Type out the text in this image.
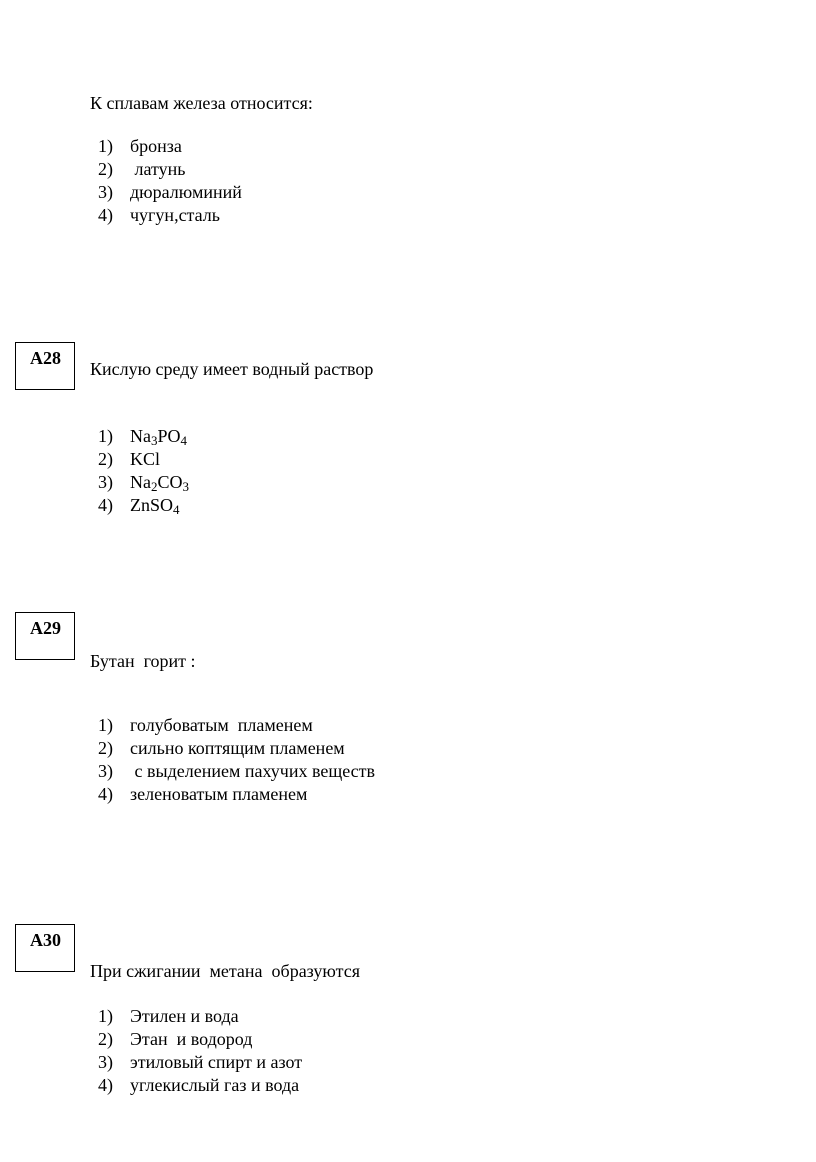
К сплавам железа относится:
1) бронза
2) латунь
3) дюралюминий
4) чугун,сталь
А28
Кислую среду имеет водный раствор
1) $Na_3PO_4$
2) KCl
3) $Na_2CO_3$
4) ZnSO$_4$
А29
Бутан  горит :
1) голубоватым  пламенем
2) сильно коптящим пламенем
3) с выделением пахучих веществ
4) зеленоватым пламенем
А30
При сжигании  метана  образуются
1) Этилен и вода
2) Этан  и водород
3) этиловый спирт и азот
4) углекислый газ и вода
